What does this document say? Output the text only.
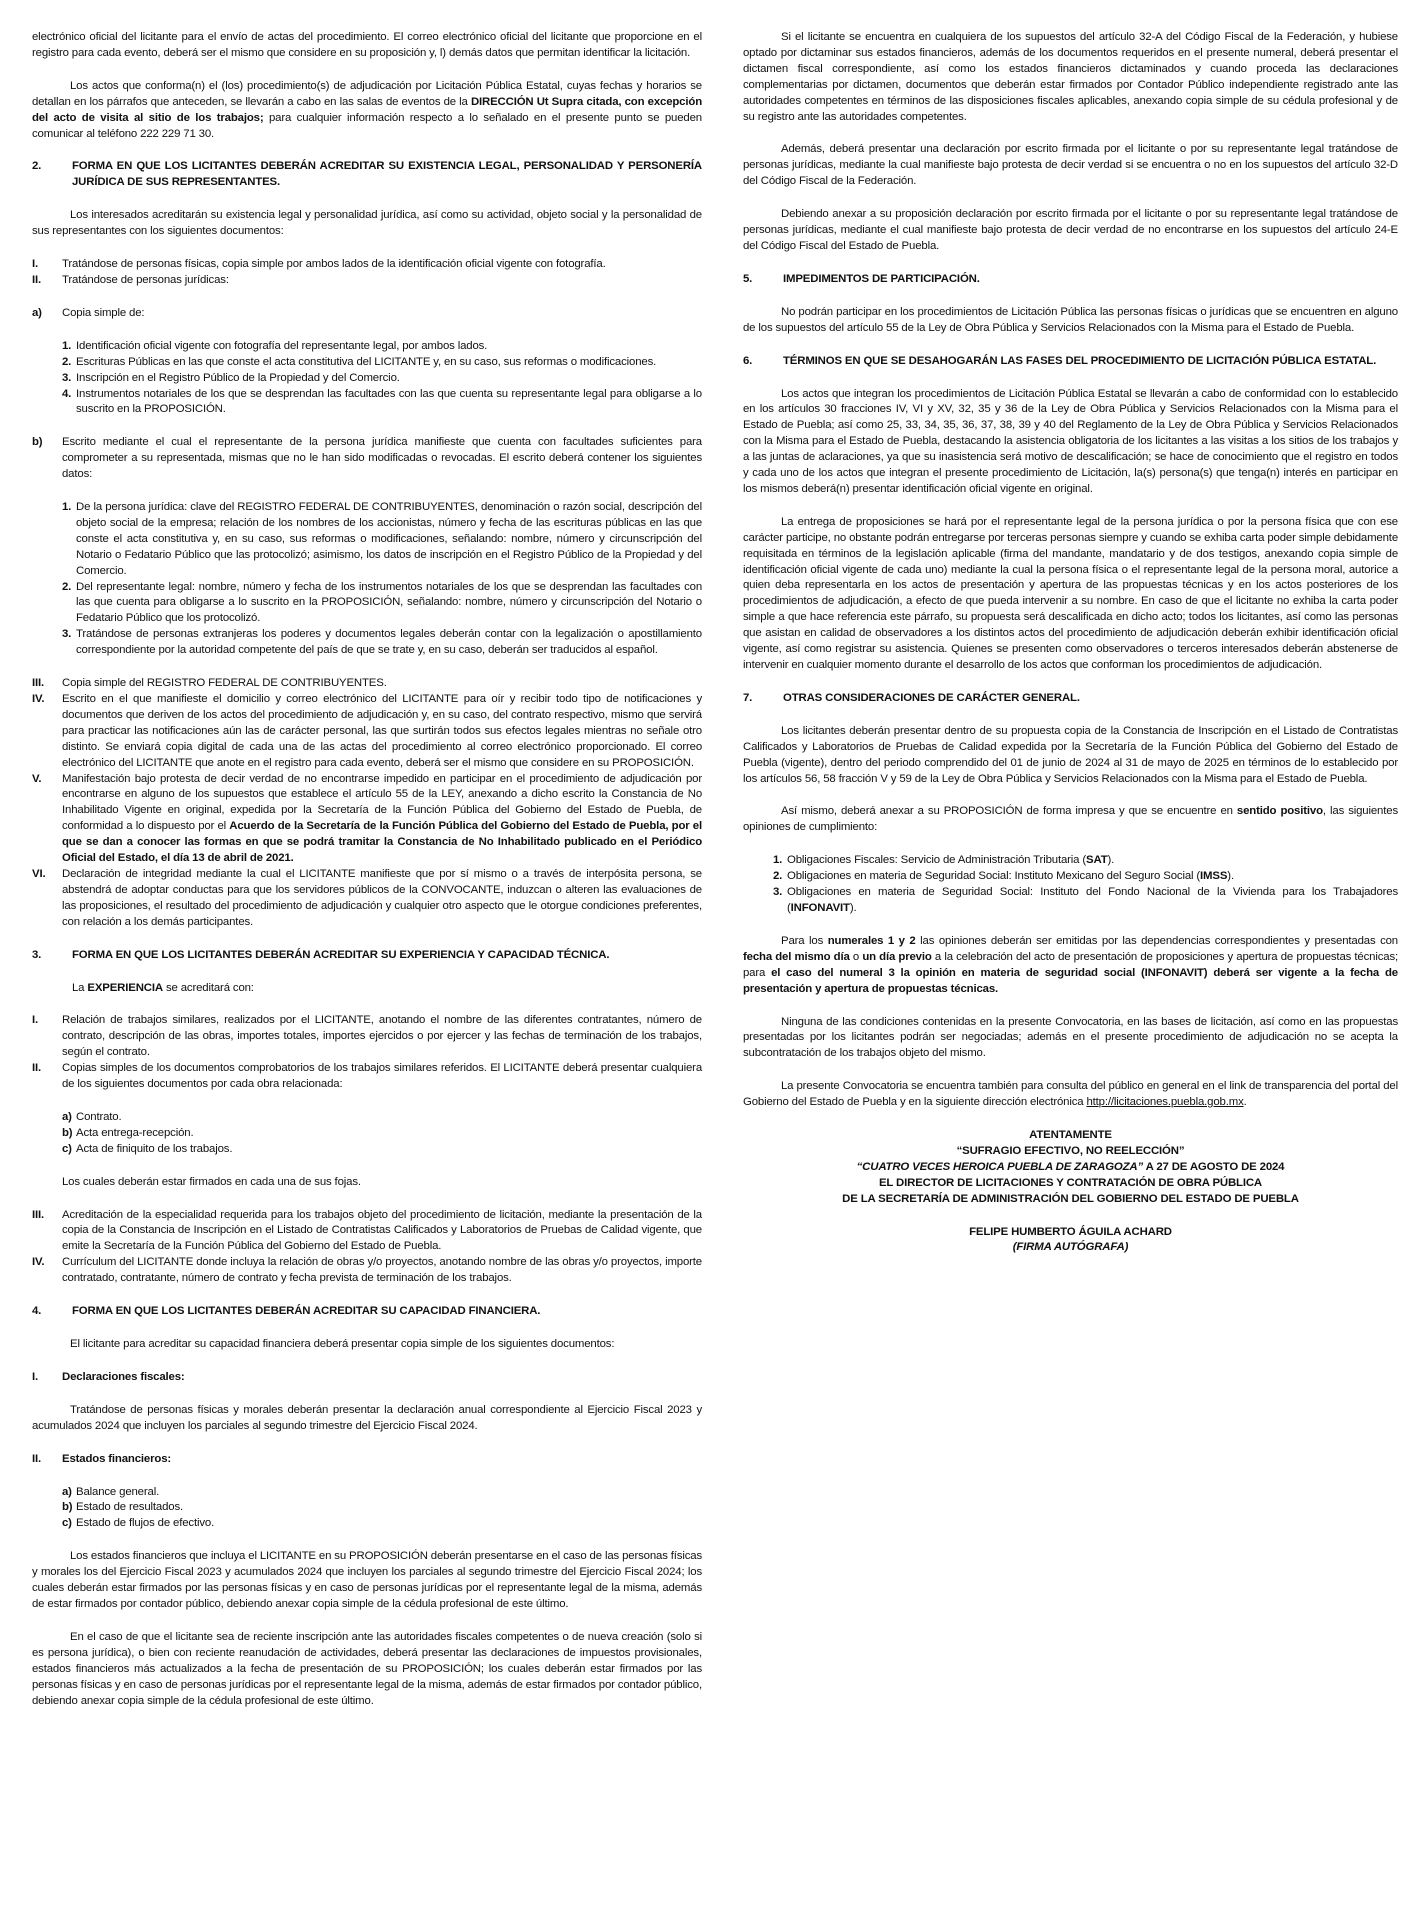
electrónico oficial del licitante para el envío de actas del procedimiento. El correo electrónico oficial del licitante que proporcione en el registro para cada evento, deberá ser el mismo que considere en su proposición y, l) demás datos que permitan identificar la licitación.

Los actos que conforma(n) el (los) procedimiento(s) de adjudicación por Licitación Pública Estatal, cuyas fechas y horarios se detallan en los párrafos que anteceden, se llevarán a cabo en las salas de eventos de la DIRECCIÓN Ut Supra citada, con excepción del acto de visita al sitio de los trabajos; para cualquier información respecto a lo señalado en el presente punto se pueden comunicar al teléfono 222 229 71 30.

2.	FORMA EN QUE LOS LICITANTES DEBERÁN ACREDITAR SU EXISTENCIA LEGAL, PERSONALIDAD Y PERSONERÍA JURÍDICA DE SUS REPRESENTANTES.

Los interesados acreditarán su existencia legal y personalidad jurídica, así como su actividad, objeto social y la personalidad de sus representantes con los siguientes documentos:

I.	Tratándose de personas físicas, copia simple por ambos lados de la identificación oficial vigente con fotografía.
II.	Tratándose de personas jurídicas:
a)	Copia simple de:
1. Identificación oficial vigente con fotografía del representante legal, por ambos lados.
2. Escrituras Públicas en las que conste el acta constitutiva del LICITANTE y, en su caso, sus reformas o modificaciones.
3. Inscripción en el Registro Público de la Propiedad y del Comercio.
4. Instrumentos notariales de los que se desprendan las facultades con las que cuenta su representante legal para obligarse a lo suscrito en la PROPOSICIÓN.
b)	Escrito mediante el cual el representante de la persona jurídica manifieste que cuenta con facultades suficientes para comprometer a su representada, mismas que no le han sido modificadas o revocadas. El escrito deberá contener los siguientes datos:
1. De la persona jurídica: clave del REGISTRO FEDERAL DE CONTRIBUYENTES, denominación o razón social, descripción del objeto social de la empresa; relación de los nombres de los accionistas, número y fecha de las escrituras públicas en las que conste el acta constitutiva y, en su caso, sus reformas o modificaciones, señalando: nombre, número y circunscripción del Notario o Fedatario Público que las protocolizó; asimismo, los datos de inscripción en el Registro Público de la Propiedad y del Comercio.
2. Del representante legal: nombre, número y fecha de los instrumentos notariales de los que se desprendan las facultades con las que cuenta para obligarse a lo suscrito en la PROPOSICIÓN, señalando: nombre, número y circunscripción del Notario o Fedatario Público que los protocolizó.
3. Tratándose de personas extranjeras los poderes y documentos legales deberán contar con la legalización o apostillamiento correspondiente por la autoridad competente del país de que se trate y, en su caso, deberán ser traducidos al español.
III.	Copia simple del REGISTRO FEDERAL DE CONTRIBUYENTES.
IV.	Escrito en el que manifieste el domicilio y correo electrónico del LICITANTE para oír y recibir todo tipo de notificaciones y documentos que deriven de los actos del procedimiento de adjudicación y, en su caso, del contrato respectivo, mismo que servirá para practicar las notificaciones aún las de carácter personal, las que surtirán todos sus efectos legales mientras no señale otro distinto. Se enviará copia digital de cada una de las actas del procedimiento al correo electrónico proporcionado. El correo electrónico del LICITANTE que anote en el registro para cada evento, deberá ser el mismo que considere en su PROPOSICIÓN.
V.	Manifestación bajo protesta de decir verdad de no encontrarse impedido en participar en el procedimiento de adjudicación por encontrarse en alguno de los supuestos que establece el artículo 55 de la LEY, anexando a dicho escrito la Constancia de No Inhabilitado Vigente en original, expedida por la Secretaría de la Función Pública del Gobierno del Estado de Puebla, de conformidad a lo dispuesto por el Acuerdo de la Secretaría de la Función Pública del Gobierno del Estado de Puebla, por el que se dan a conocer las formas en que se podrá tramitar la Constancia de No Inhabilitado publicado en el Periódico Oficial del Estado, el día 13 de abril de 2021.
VI.	Declaración de integridad mediante la cual el LICITANTE manifieste que por sí mismo o a través de interpósita persona, se abstendrá de adoptar conductas para que los servidores públicos de la CONVOCANTE, induzcan o alteren las evaluaciones de las proposiciones, el resultado del procedimiento de adjudicación y cualquier otro aspecto que le otorgue condiciones preferentes, con relación a los demás participantes.
3.	FORMA EN QUE LOS LICITANTES DEBERÁN ACREDITAR SU EXPERIENCIA Y CAPACIDAD TÉCNICA.

La EXPERIENCIA se acreditará con:

I.	Relación de trabajos similares, realizados por el LICITANTE, anotando el nombre de las diferentes contratantes, número de contrato, descripción de las obras, importes totales, importes ejercidos o por ejercer y las fechas de terminación de los trabajos, según el contrato.
II.	Copias simples de los documentos comprobatorios de los trabajos similares referidos. El LICITANTE deberá presentar cualquiera de los siguientes documentos por cada obra relacionada:
a) Contrato.
b) Acta entrega-recepción.
c) Acta de finiquito de los trabajos.

Los cuales deberán estar firmados en cada una de sus fojas.

III.	Acreditación de la especialidad requerida para los trabajos objeto del procedimiento de licitación, mediante la presentación de la copia de la Constancia de Inscripción en el Listado de Contratistas Calificados y Laboratorios de Pruebas de Calidad vigente, que emite la Secretaría de la Función Pública del Gobierno del Estado de Puebla.
IV.	Currículum del LICITANTE donde incluya la relación de obras y/o proyectos, anotando nombre de las obras y/o proyectos, importe contratado, contratante, número de contrato y fecha prevista de terminación de los trabajos.
4.	FORMA EN QUE LOS LICITANTES DEBERÁN ACREDITAR SU CAPACIDAD FINANCIERA.

El licitante para acreditar su capacidad financiera deberá presentar copia simple de los siguientes documentos:

I.	Declaraciones fiscales:

Tratándose de personas físicas y morales deberán presentar la declaración anual correspondiente al Ejercicio Fiscal 2023 y acumulados 2024 que incluyen los parciales al segundo trimestre del Ejercicio Fiscal 2024.

II.	Estados financieros:
a) Balance general.
b) Estado de resultados.
c) Estado de flujos de efectivo.

Los estados financieros que incluya el LICITANTE en su PROPOSICIÓN deberán presentarse en el caso de las personas físicas y morales los del Ejercicio Fiscal 2023 y acumulados 2024 que incluyen los parciales al segundo trimestre del Ejercicio Fiscal 2024; los cuales deberán estar firmados por las personas físicas y en caso de personas jurídicas por el representante legal de la misma, además de estar firmados por contador público, debiendo anexar copia simple de la cédula profesional de este último.

En el caso de que el licitante sea de reciente inscripción ante las autoridades fiscales competentes o de nueva creación (solo si es persona jurídica), o bien con reciente reanudación de actividades, deberá presentar las declaraciones de impuestos provisionales, estados financieros más actualizados a la fecha de presentación de su PROPOSICIÓN; los cuales deberán estar firmados por las personas físicas y en caso de personas jurídicas por el representante legal de la misma, además de estar firmados por contador público, debiendo anexar copia simple de la cédula profesional de este último.

Si el licitante se encuentra en cualquiera de los supuestos del artículo 32-A del Código Fiscal de la Federación, y hubiese optado por dictaminar sus estados financieros, además de los documentos requeridos en el presente numeral, deberá presentar el dictamen fiscal correspondiente, así como los estados financieros dictaminados y cuando proceda las declaraciones complementarias por dictamen, documentos que deberán estar firmados por Contador Público independiente registrado ante las autoridades competentes en términos de las disposiciones fiscales aplicables, anexando copia simple de su cédula profesional y de su registro ante las autoridades competentes.

Además, deberá presentar una declaración por escrito firmada por el licitante o por su representante legal tratándose de personas jurídicas, mediante la cual manifieste bajo protesta de decir verdad si se encuentra o no en los supuestos del artículo 32-D del Código Fiscal de la Federación.

Debiendo anexar a su proposición declaración por escrito firmada por el licitante o por su representante legal tratándose de personas jurídicas, mediante el cual manifieste bajo protesta de decir verdad de no encontrarse en los supuestos del artículo 24-E del Código Fiscal del Estado de Puebla.

5.	IMPEDIMENTOS DE PARTICIPACIÓN.

No podrán participar en los procedimientos de Licitación Pública las personas físicas o jurídicas que se encuentren en alguno de los supuestos del artículo 55 de la Ley de Obra Pública y Servicios Relacionados con la Misma para el Estado de Puebla.

6.	TÉRMINOS EN QUE SE DESAHOGARÁN LAS FASES DEL PROCEDIMIENTO DE LICITACIÓN PÚBLICA ESTATAL.

Los actos que integran los procedimientos de Licitación Pública Estatal se llevarán a cabo de conformidad con lo establecido en los artículos 30 fracciones IV, VI y XV, 32, 35 y 36 de la Ley de Obra Pública y Servicios Relacionados con la Misma para el Estado de Puebla; así como 25, 33, 34, 35, 36, 37, 38, 39 y 40 del Reglamento de la Ley de Obra Pública y Servicios Relacionados con la Misma para el Estado de Puebla, destacando la asistencia obligatoria de los licitantes a las visitas a los sitios de los trabajos y a las juntas de aclaraciones, ya que su inasistencia será motivo de descalificación; se hace de conocimiento que el registro en todos y cada uno de los actos que integran el presente procedimiento de Licitación, la(s) persona(s) que tenga(n) interés en participar en los mismos deberá(n) presentar identificación oficial vigente en original.

La entrega de proposiciones se hará por el representante legal de la persona jurídica o por la persona física que con ese carácter participe, no obstante podrán entregarse por terceras personas siempre y cuando se exhiba carta poder simple debidamente requisitada en términos de la legislación aplicable (firma del mandante, mandatario y de dos testigos, anexando copia simple de identificación oficial vigente de cada uno) mediante la cual la persona física o el representante legal de la persona moral, autorice a quien deba representarla en los actos de presentación y apertura de las propuestas técnicas y en los actos posteriores de los procedimientos de adjudicación, a efecto de que pueda intervenir a su nombre. En caso de que el licitante no exhiba la carta poder simple a que hace referencia este párrafo, su propuesta será descalificada en dicho acto; todos los licitantes, así como las personas que asistan en calidad de observadores a los distintos actos del procedimiento de adjudicación deberán exhibir identificación oficial vigente, así como registrar su asistencia. Quienes se presenten como observadores o terceros interesados deberán abstenerse de intervenir en cualquier momento durante el desarrollo de los actos que conforman los procedimientos de adjudicación.

7.	OTRAS CONSIDERACIONES DE CARÁCTER GENERAL.

Los licitantes deberán presentar dentro de su propuesta copia de la Constancia de Inscripción en el Listado de Contratistas Calificados y Laboratorios de Pruebas de Calidad expedida por la Secretaría de la Función Pública del Gobierno del Estado de Puebla (vigente), dentro del periodo comprendido del 01 de junio de 2024 al 31 de mayo de 2025 en términos de lo establecido por los artículos 56, 58 fracción V y 59 de la Ley de Obra Pública y Servicios Relacionados con la Misma para el Estado de Puebla.

Así mismo, deberá anexar a su PROPOSICIÓN de forma impresa y que se encuentre en sentido positivo, las siguientes opiniones de cumplimiento:

1. Obligaciones Fiscales: Servicio de Administración Tributaria (SAT).
2. Obligaciones en materia de Seguridad Social: Instituto Mexicano del Seguro Social (IMSS).
3. Obligaciones en materia de Seguridad Social: Instituto del Fondo Nacional de la Vivienda para los Trabajadores (INFONAVIT).

Para los numerales 1 y 2 las opiniones deberán ser emitidas por las dependencias correspondientes y presentadas con fecha del mismo día o un día previo a la celebración del acto de presentación de proposiciones y apertura de propuestas técnicas; para el caso del numeral 3 la opinión en materia de seguridad social (INFONAVIT) deberá ser vigente a la fecha de presentación y apertura de propuestas técnicas.

Ninguna de las condiciones contenidas en la presente Convocatoria, en las bases de licitación, así como en las propuestas presentadas por los licitantes podrán ser negociadas; además en el presente procedimiento de adjudicación no se acepta la subcontratación de los trabajos objeto del mismo.

La presente Convocatoria se encuentra también para consulta del público en general en el link de transparencia del portal del Gobierno del Estado de Puebla y en la siguiente dirección electrónica http://licitaciones.puebla.gob.mx.

ATENTAMENTE

“SUFRAGIO EFECTIVO, NO REELECCIÓN”

“CUATRO VECES HEROICA PUEBLA DE ZARAGOZA” A 27 DE AGOSTO DE 2024

EL DIRECTOR DE LICITACIONES Y CONTRATACIÓN DE OBRA PÚBLICA

DE LA SECRETARÍA DE ADMINISTRACIÓN DEL GOBIERNO DEL ESTADO DE PUEBLA

FELIPE HUMBERTO ÁGUILA ACHARD

(FIRMA AUTÓGRAFA)
